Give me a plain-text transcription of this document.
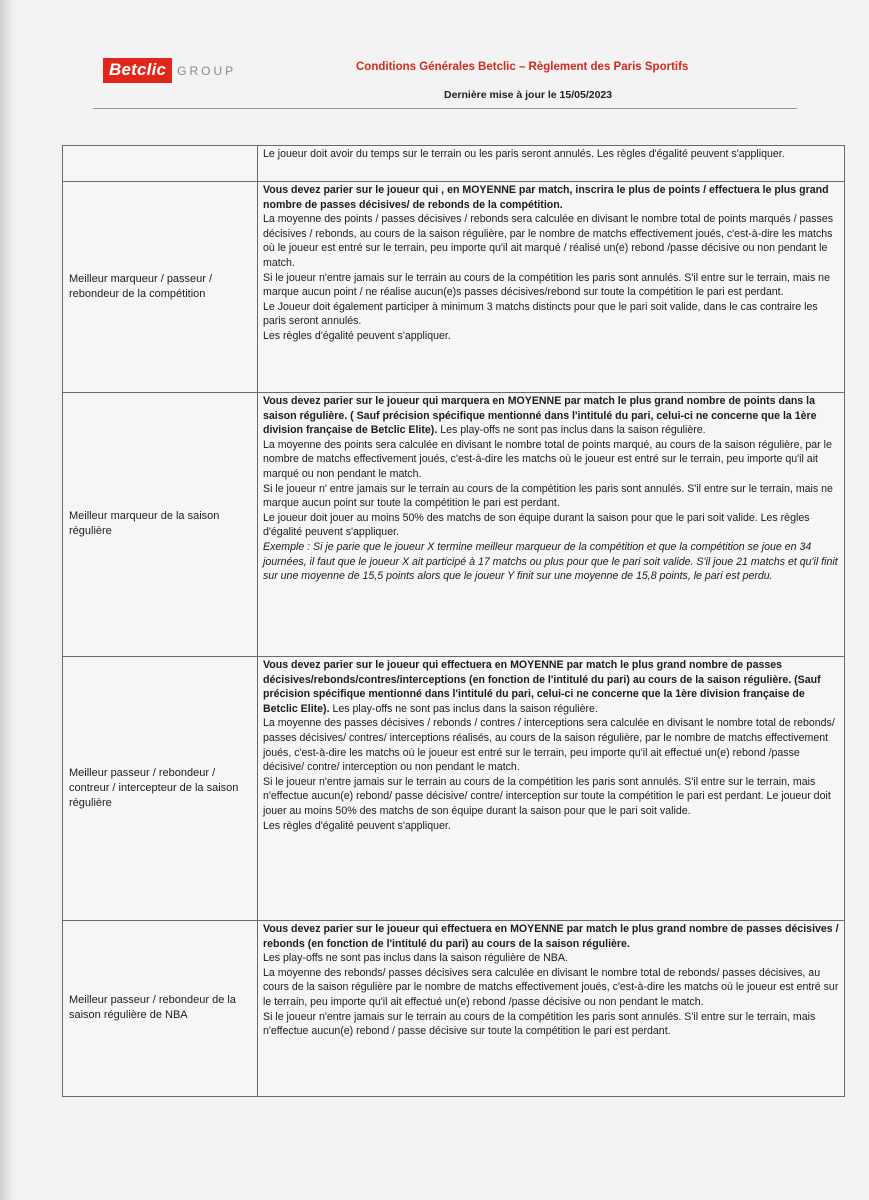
Betclic GROUP	Conditions Générales Betclic – Règlement des Paris Sportifs
Dernière mise à jour le 15/05/2023

	Le joueur doit avoir du temps sur le terrain ou les paris seront annulés. Les règles d'égalité peuvent s'appliquer.

Meilleur marqueur / passeur / rebondeur de la compétition	Vous devez parier sur le joueur qui , en MOYENNE par match, inscrira le plus de points / effectuera le plus grand nombre de passes décisives/ de rebonds de la compétition.

La moyenne des points / passes décisives / rebonds sera calculée en divisant le nombre total de points marqués / passes décisives / rebonds, au cours de la saison régulière, par le nombre de matchs effectivement joués, c'est-à-dire les matchs où le joueur est entré sur le terrain, peu importe qu'il ait marqué / réalisé un(e) rebond /passe décisive ou non pendant le match.

Si le joueur n'entre jamais sur le terrain au cours de la compétition les paris sont annulés. S'il entre sur le terrain, mais ne marque aucun point / ne réalise aucun(e)s passes décisives/rebond sur toute la compétition le pari est perdant.

Le Joueur doit également participer à minimum 3 matchs distincts pour que le pari soit valide, dans le cas contraire les paris seront annulés.

Les règles d'égalité peuvent s'appliquer.

Meilleur marqueur de la saison régulière	Vous devez parier sur le joueur qui marquera en MOYENNE par match le plus grand nombre de points dans la saison régulière. ( Sauf précision spécifique mentionné dans l'intitulé du pari, celui-ci ne concerne que la 1ère division française de Betclic Elite). Les play-offs ne sont pas inclus dans la saison régulière.

La moyenne des points sera calculée en divisant le nombre total de points marqué, au cours de la saison régulière, par le nombre de matchs effectivement joués, c'est-à-dire les matchs où le joueur est entré sur le terrain, peu importe qu'il ait marqué ou non pendant le match.

Si le joueur n' entre jamais sur le terrain au cours de la compétition les paris sont annulés. S'il entre sur le terrain, mais ne marque aucun point sur toute la compétition le pari est perdant.

Le joueur doit jouer au moins 50% des matchs de son équipe durant la saison pour que le pari soit valide. Les règles d'égalité peuvent s'appliquer.

Exemple : Si je parie que le joueur X termine meilleur marqueur de la compétition et que la compétition se joue en 34 journées, il faut que le joueur X ait participé à 17 matchs ou plus pour que le pari soit valide. S'il joue 21 matchs et qu'il finit sur une moyenne de 15,5 points alors que le joueur Y finit sur une moyenne de 15,8 points, le pari est perdu.

Meilleur passeur / rebondeur / contreur / intercepteur de la saison régulière	Vous devez parier sur le joueur qui effectuera en MOYENNE par match le plus grand nombre de passes décisives/rebonds/contres/interceptions (en fonction de l'intitulé du pari) au cours de la saison régulière. (Sauf précision spécifique mentionné dans l'intitulé du pari, celui-ci ne concerne que la 1ère division française de Betclic Elite). Les play-offs ne sont pas inclus dans la saison régulière.

La moyenne des passes décisives / rebonds / contres / interceptions sera calculée en divisant le nombre total de rebonds/ passes décisives/ contres/ interceptions réalisés, au cours de la saison régulière, par le nombre de matchs effectivement joués, c'est-à-dire les matchs où le joueur est entré sur le terrain, peu importe qu'il ait effectué un(e) rebond /passe décisive/ contre/ interception ou non pendant le match.

Si le joueur n'entre jamais sur le terrain au cours de la compétition les paris sont annulés. S'il entre sur le terrain, mais n'effectue aucun(e) rebond/ passe décisive/ contre/ interception sur toute la compétition le pari est perdant. Le joueur doit jouer au moins 50% des matchs de son équipe durant la saison pour que le pari soit valide.

Les règles d'égalité peuvent s'appliquer.

Meilleur passeur / rebondeur de la saison régulière de NBA	Vous devez parier sur le joueur qui effectuera en MOYENNE par match le plus grand nombre de passes décisives / rebonds (en fonction de l'intitulé du pari) au cours de la saison régulière.

Les play-offs ne sont pas inclus dans la saison régulière de NBA.

La moyenne des rebonds/ passes décisives sera calculée en divisant le nombre total de rebonds/ passes décisives, au cours de la saison régulière par le nombre de matchs effectivement joués, c'est-à-dire les matchs où le joueur est entré sur le terrain, peu importe qu'il ait effectué un(e) rebond /passe décisive ou non pendant le match.

Si le joueur n'entre jamais sur le terrain au cours de la compétition les paris sont annulés. S'il entre sur le terrain, mais n'effectue aucun(e) rebond / passe décisive sur toute la compétition le pari est perdant.
